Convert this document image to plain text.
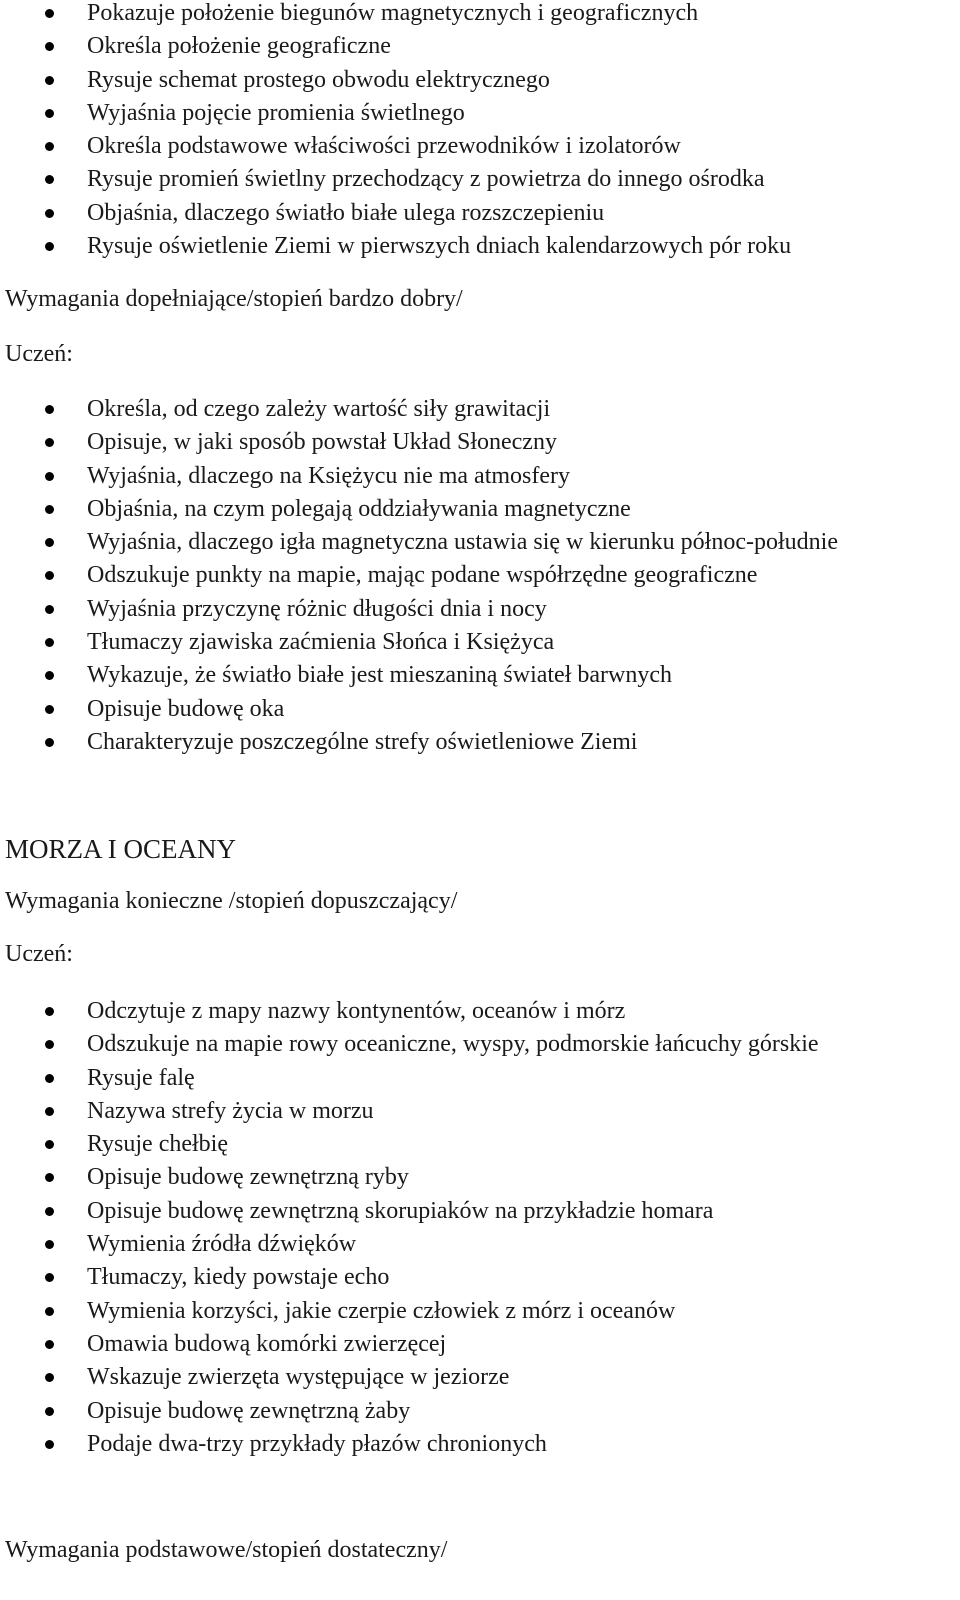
Pokazuje położenie biegunów magnetycznych i geograficznych
Określa położenie geograficzne
Rysuje schemat prostego obwodu elektrycznego
Wyjaśnia pojęcie promienia świetlnego
Określa podstawowe właściwości przewodników i izolatorów
Rysuje promień świetlny przechodzący z powietrza do innego ośrodka
Objaśnia, dlaczego światło białe ulega rozszczepieniu
Rysuje oświetlenie Ziemi w pierwszych dniach kalendarzowych pór roku
Wymagania dopełniające/stopień bardzo dobry/
Uczeń:
Określa, od czego zależy wartość siły grawitacji
Opisuje, w jaki sposób powstał Układ Słoneczny
Wyjaśnia, dlaczego na Księżycu nie ma atmosfery
Objaśnia, na czym polegają oddziaływania magnetyczne
Wyjaśnia, dlaczego igła magnetyczna ustawia się w kierunku północ-południe
Odszukuje punkty na mapie, mając podane współrzędne geograficzne
Wyjaśnia przyczynę różnic długości dnia i nocy
Tłumaczy zjawiska zaćmienia Słońca i Księżyca
Wykazuje, że światło białe jest mieszaniną świateł barwnych
Opisuje budowę oka
Charakteryzuje poszczególne strefy oświetleniowe Ziemi
MORZA I OCEANY
Wymagania konieczne /stopień dopuszczający/
Uczeń:
Odczytuje z mapy nazwy kontynentów, oceanów i mórz
Odszukuje na mapie rowy oceaniczne, wyspy, podmorskie łańcuchy górskie
Rysuje falę
Nazywa strefy życia w morzu
Rysuje chełbię
Opisuje budowę zewnętrzną ryby
Opisuje budowę zewnętrzną skorupiaków na przykładzie homara
Wymienia źródła dźwięków
Tłumaczy, kiedy powstaje echo
Wymienia korzyści, jakie czerpie człowiek z mórz i oceanów
Omawia budową komórki zwierzęcej
Wskazuje zwierzęta występujące w jeziorze
Opisuje budowę zewnętrzną żaby
Podaje dwa-trzy przykłady płazów chronionych
Wymagania podstawowe/stopień dostateczny/
